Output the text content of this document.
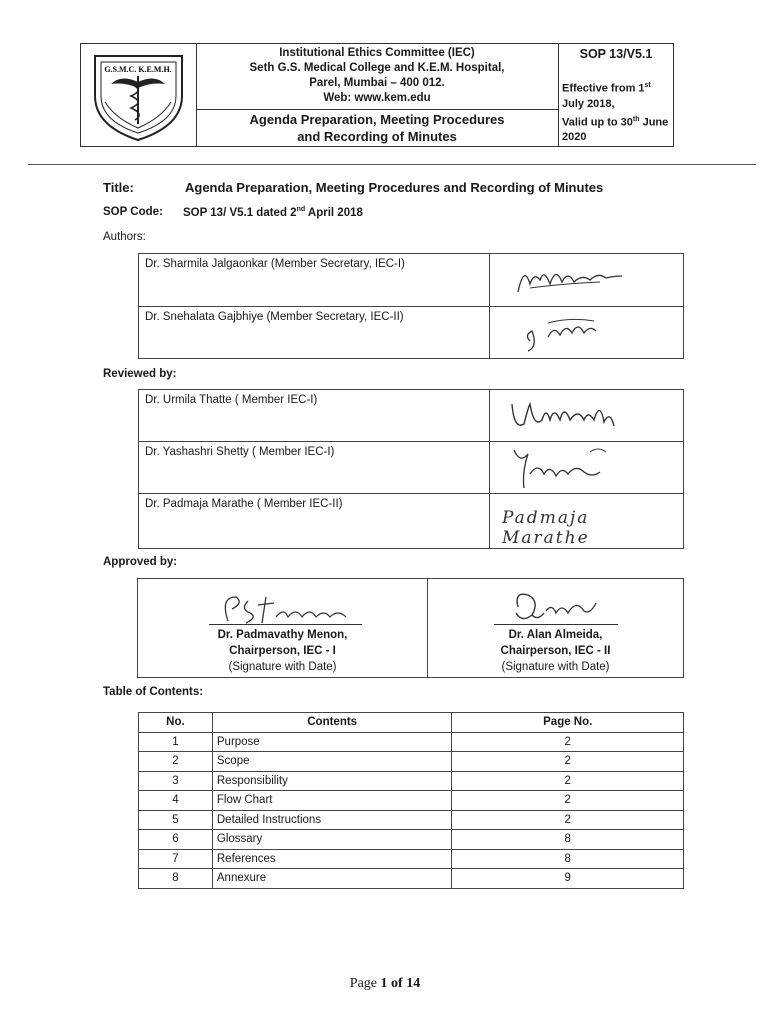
G.S.M.C. K.E.M.H.
Institutional Ethics Committee (IEC)
Seth G.S. Medical College and K.E.M. Hospital,
Parel, Mumbai – 400 012.
Web: www.kem.edu
Agenda Preparation, Meeting Procedures
and Recording of Minutes
SOP 13/V5.1
Effective from 1st July 2018,
Valid up to 30th June 2020
Title:	Agenda Preparation, Meeting Procedures and Recording of Minutes
SOP Code: SOP 13/ V5.1 dated 2nd April 2018
Authors:
Dr. Sharmila Jalgaonkar (Member Secretary, IEC-I)	
Dr. Snehalata Gajbhiye (Member Secretary, IEC-II)	
Reviewed by:
Dr. Urmila Thatte ( Member IEC-I)	
Dr. Yashashri Shetty ( Member IEC-I)	
Dr. Padmaja Marathe ( Member IEC-II)	Padmaja Marathe
Approved by:
Dr. Padmavathy Menon,
Chairperson, IEC - I
(Signature with Date)
Dr. Alan Almeida,
Chairperson, IEC - II
(Signature with Date)
Table of Contents:
No.	Contents	Page No.
1	Purpose	2
2	Scope	2
3	Responsibility	2
4	Flow Chart	2
5	Detailed Instructions	2
6	Glossary	8
7	References	8
8	Annexure	9
Page 1 of 14
